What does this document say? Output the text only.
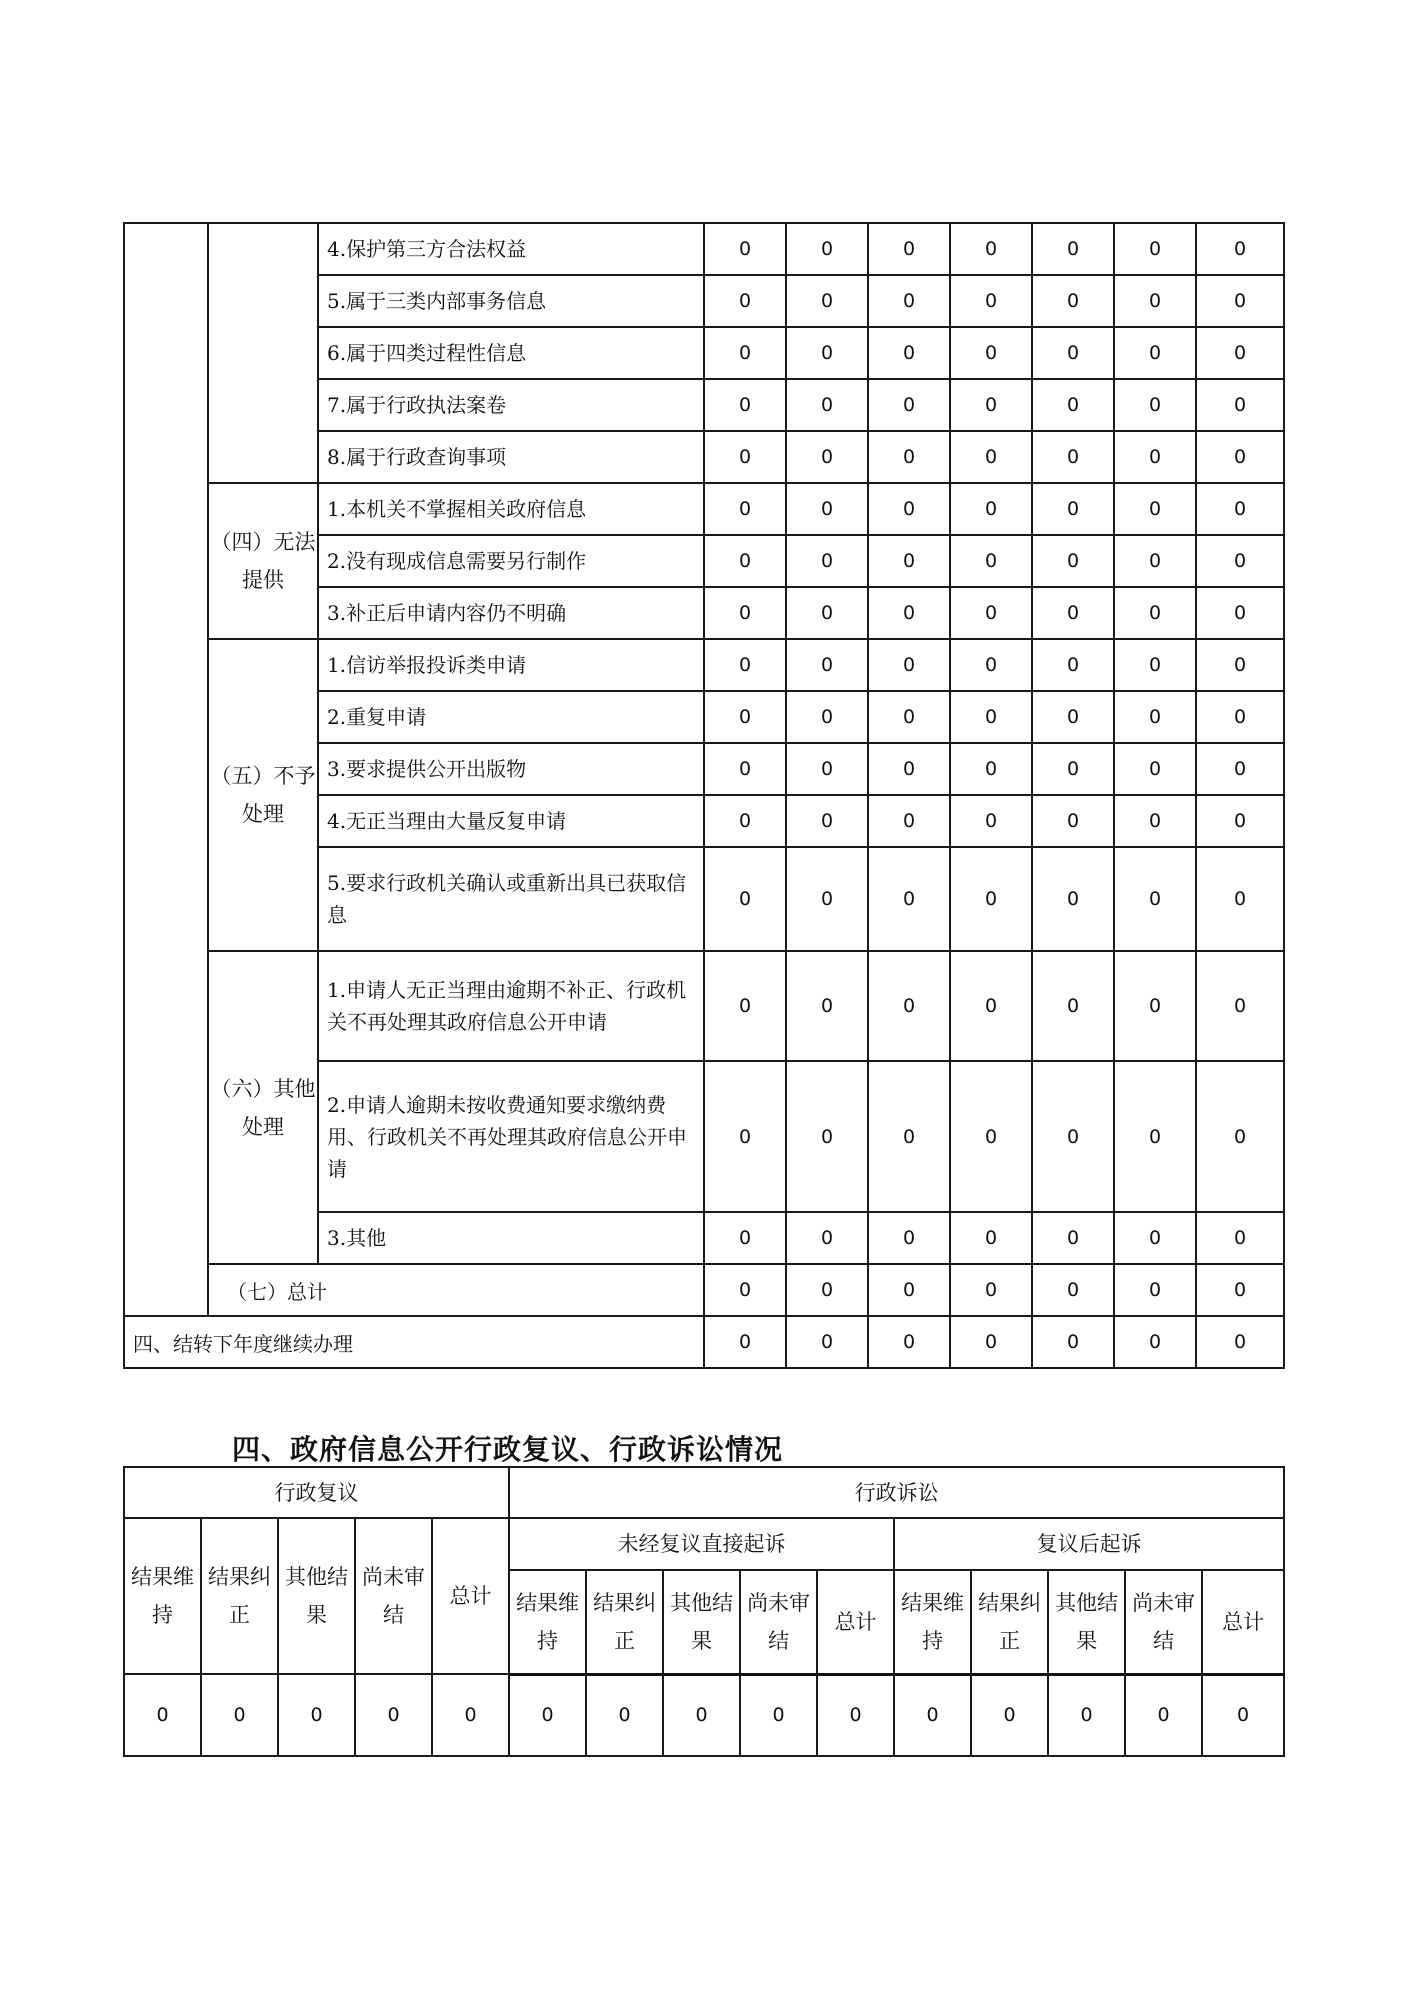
		4.保护第三方合法权益	0	0	0	0	0	0	0
		5.属于三类内部事务信息	0	0	0	0	0	0	0
		6.属于四类过程性信息	0	0	0	0	0	0	0
		7.属于行政执法案卷	0	0	0	0	0	0	0
		8.属于行政查询事项	0	0	0	0	0	0	0
	（四）无法提供	1.本机关不掌握相关政府信息	0	0	0	0	0	0	0
		2.没有现成信息需要另行制作	0	0	0	0	0	0	0
		3.补正后申请内容仍不明确	0	0	0	0	0	0	0
	（五）不予处理	1.信访举报投诉类申请	0	0	0	0	0	0	0
		2.重复申请	0	0	0	0	0	0	0
		3.要求提供公开出版物	0	0	0	0	0	0	0
		4.无正当理由大量反复申请	0	0	0	0	0	0	0
		5.要求行政机关确认或重新出具已获取信息	0	0	0	0	0	0	0
	（六）其他处理	1.申请人无正当理由逾期不补正、行政机关不再处理其政府信息公开申请	0	0	0	0	0	0	0
		2.申请人逾期未按收费通知要求缴纳费用、行政机关不再处理其政府信息公开申请	0	0	0	0	0	0	0
		3.其他	0	0	0	0	0	0	0
	（七）总计		0	0	0	0	0	0	0
四、结转下年度继续办理			0	0	0	0	0	0	0
四、政府信息公开行政复议、行政诉讼情况
行政复议					行政诉讼									
结果维持	结果纠正	其他结果	尚未审结	总计	未经复议直接起诉					复议后起诉				
					结果维持	结果纠正	其他结果	尚未审结	总计	结果维持	结果纠正	其他结果	尚未审结	总计
0	0	0	0	0	0	0	0	0	0	0	0	0	0	0
